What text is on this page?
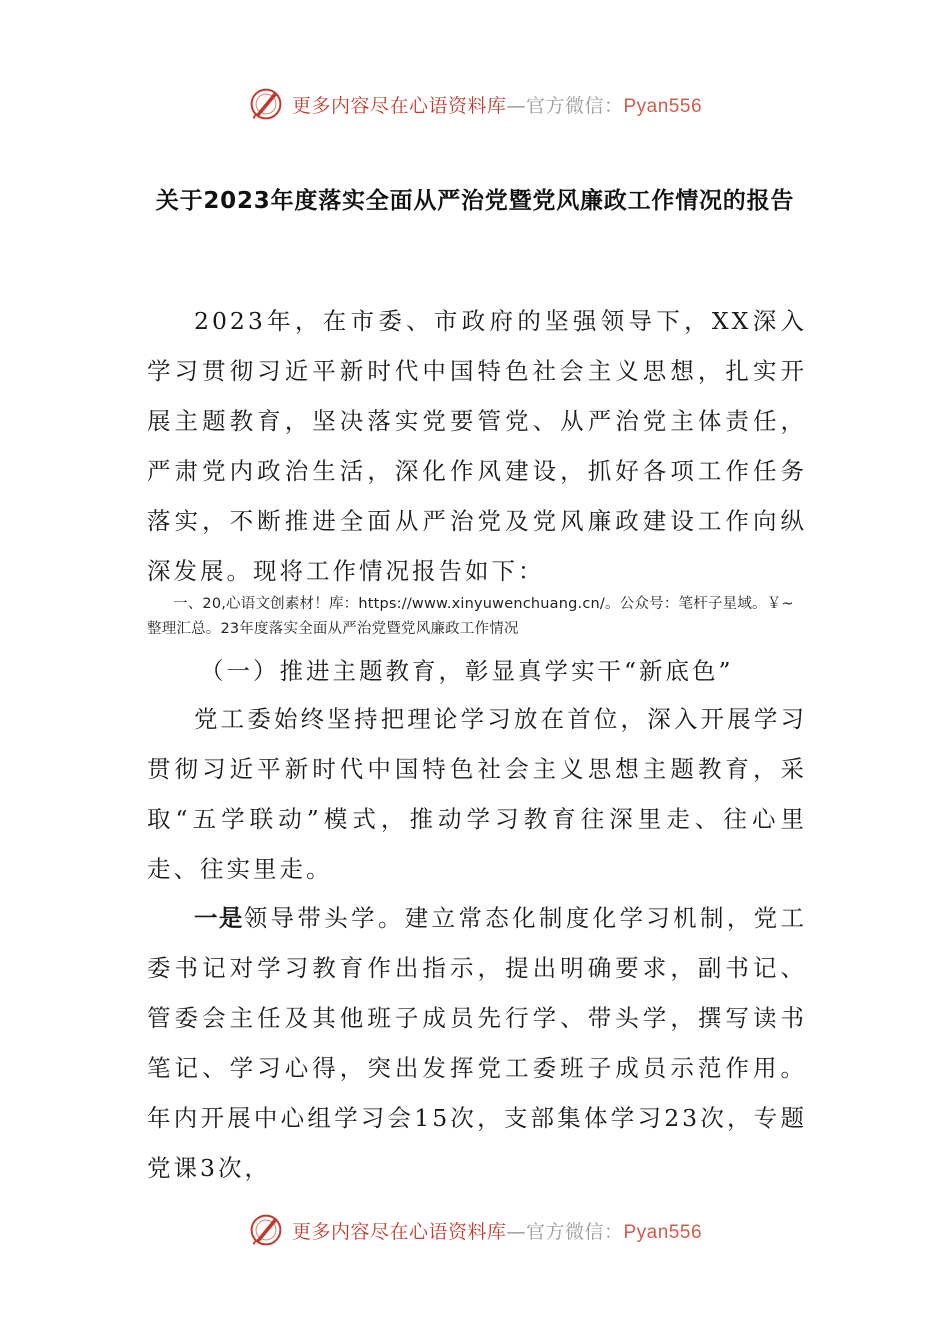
更多内容尽在心语资料库—官方微信：Pyan556
关于2023年度落实全面从严治党暨党风廉政工作情况的报告

2023年，在市委、市政府的坚强领导下，XX深入学习贯彻习近平新时代中国特色社会主义思想，扎实开展主题教育，坚决落实党要管党、从严治党主体责任，严肃党内政治生活，深化作风建设，抓好各项工作任务落实，不断推进全面从严治党及党风廉政建设工作向纵深发展。现将工作情况报告如下：

一、20,心语文创素材！库：https://www.xinyuwenchuang.cn/。公众号：笔杆子星域。￥~整理汇总。23年度落实全面从严治党暨党风廉政工作情况

（一）推进主题教育，彰显真学实干“新底色”

党工委始终坚持把理论学习放在首位，深入开展学习贯彻习近平新时代中国特色社会主义思想主题教育，采取“五学联动”模式，推动学习教育往深里走、往心里走、往实里走。

一是领导带头学。建立常态化制度化学习机制，党工委书记对学习教育作出指示，提出明确要求，副书记、管委会主任及其他班子成员先行学、带头学，撰写读书笔记、学习心得，突出发挥党工委班子成员示范作用。年内开展中心组学习会15次，支部集体学习23次，专题党课3次，

更多内容尽在心语资料库—官方微信：Pyan556
